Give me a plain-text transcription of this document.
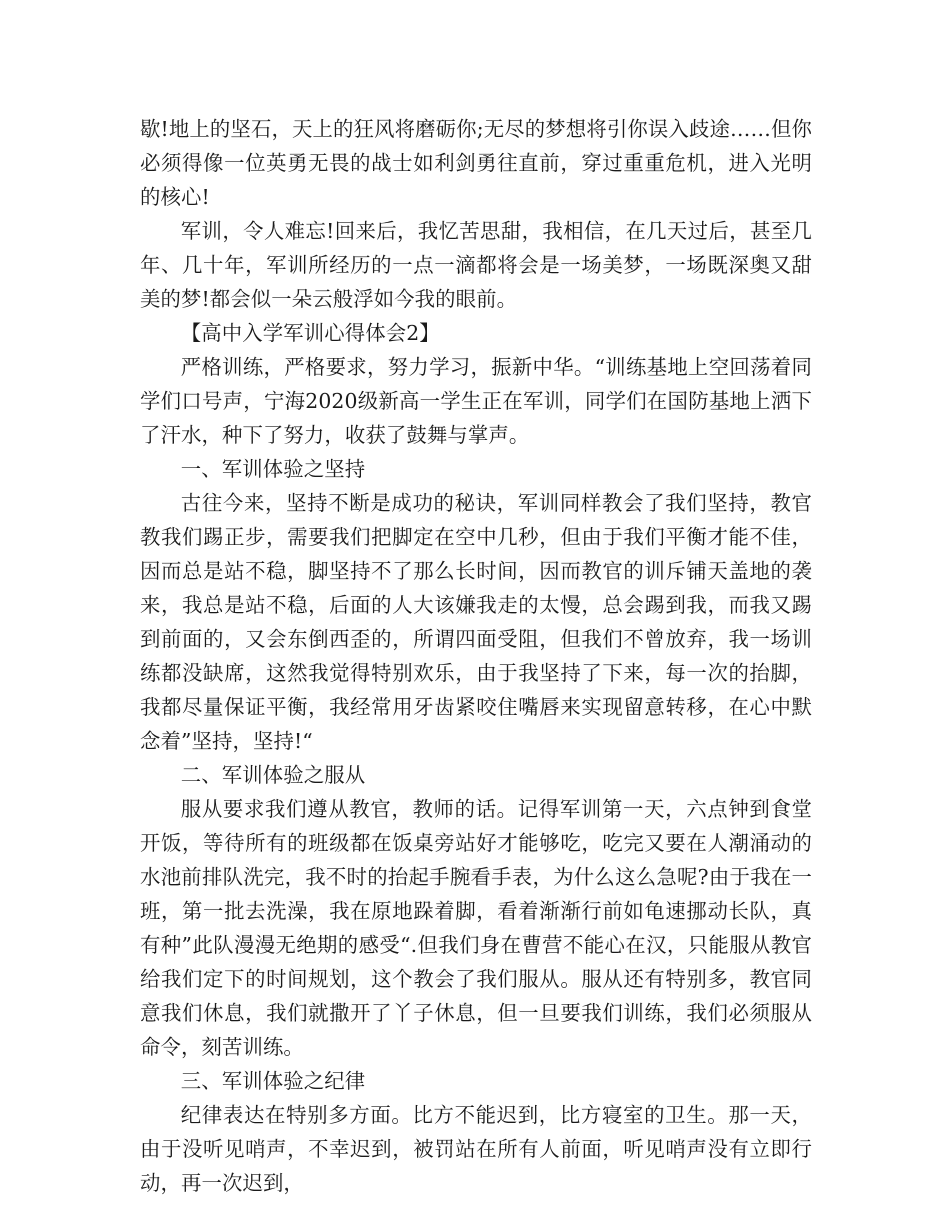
歇!地上的坚石，天上的狂风将磨砺你;无尽的梦想将引你误入歧途……但你必须得像一位英勇无畏的战士如利剑勇往直前，穿过重重危机，进入光明的核心!

军训，令人难忘!回来后，我忆苦思甜，我相信，在几天过后，甚至几年、几十年，军训所经历的一点一滴都将会是一场美梦，一场既深奥又甜美的梦!都会似一朵云般浮如今我的眼前。

【高中入学军训心得体会2】

严格训练，严格要求，努力学习，振新中华。“训练基地上空回荡着同学们口号声，宁海2020级新高一学生正在军训，同学们在国防基地上洒下了汗水，种下了努力，收获了鼓舞与掌声。

一、军训体验之坚持

古往今来，坚持不断是成功的秘诀，军训同样教会了我们坚持，教官教我们踢正步，需要我们把脚定在空中几秒，但由于我们平衡才能不佳，因而总是站不稳，脚坚持不了那么长时间，因而教官的训斥铺天盖地的袭来，我总是站不稳，后面的人大该嫌我走的太慢，总会踢到我，而我又踢到前面的，又会东倒西歪的，所谓四面受阻，但我们不曾放弃，我一场训练都没缺席，这然我觉得特别欢乐，由于我坚持了下来，每一次的抬脚，我都尽量保证平衡，我经常用牙齿紧咬住嘴唇来实现留意转移，在心中默念着”坚持，坚持!“

二、军训体验之服从

服从要求我们遵从教官，教师的话。记得军训第一天，六点钟到食堂开饭，等待所有的班级都在饭桌旁站好才能够吃，吃完又要在人潮涌动的水池前排队洗完，我不时的抬起手腕看手表，为什么这么急呢?由于我在一班，第一批去洗澡，我在原地跺着脚，看着渐渐行前如龟速挪动长队，真有种”此队漫漫无绝期的感受“.但我们身在曹营不能心在汉，只能服从教官给我们定下的时间规划，这个教会了我们服从。服从还有特别多，教官同意我们休息，我们就撒开了丫子休息，但一旦要我们训练，我们必须服从命令，刻苦训练。

三、军训体验之纪律

纪律表达在特别多方面。比方不能迟到，比方寝室的卫生。那一天，由于没听见哨声，不幸迟到，被罚站在所有人前面，听见哨声没有立即行动，再一次迟到，
